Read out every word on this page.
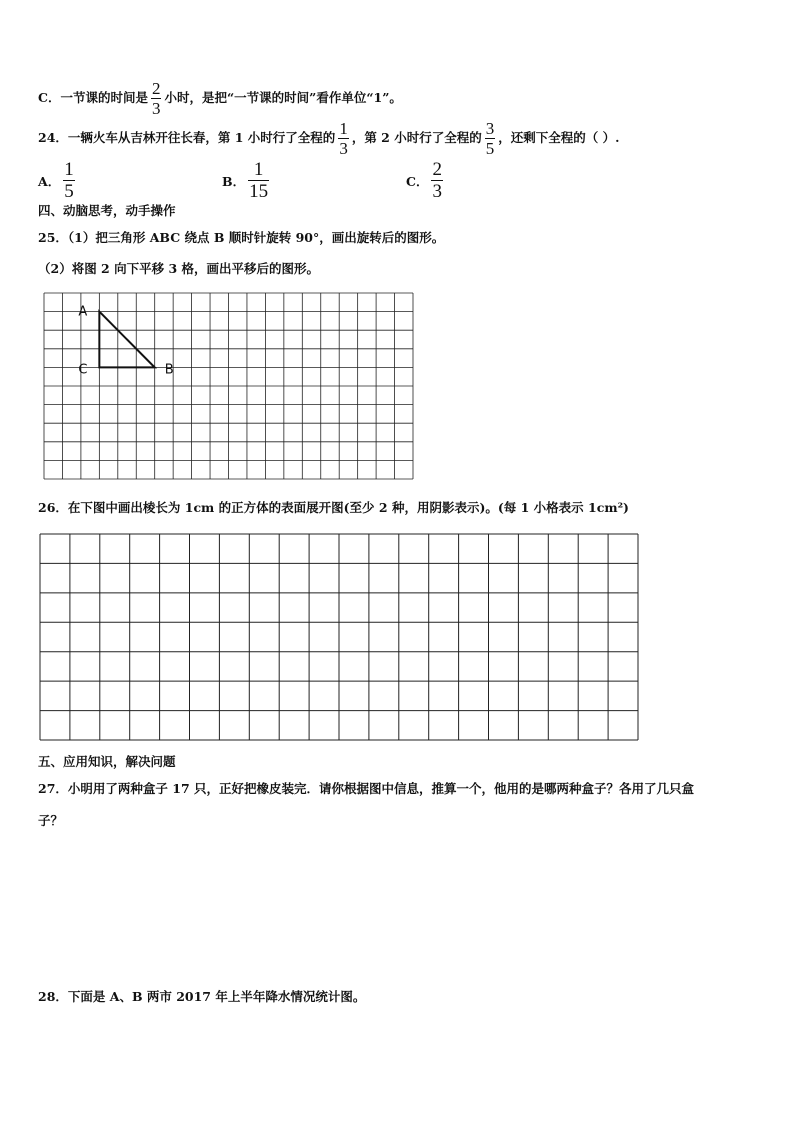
C．一节课的时间是 $\frac{2}{3}$ 小时，是把“一节课的时间”看作单位“1”。
24．一辆火车从吉林开往长春，第 1 小时行了全程的 $\frac{1}{3}$ ，第 2 小时行了全程的 $\frac{3}{5}$ ，还剩下全程的（ ）.
A． $\frac{1}{5}$	B． $\frac{1}{15}$	C． $\frac{2}{3}$
四、动脑思考，动手操作
25．（1）把三角形 ABC 绕点 B 顺时针旋转 90°，画出旋转后的图形。
（2）将图 2 向下平移 3 格，画出平移后的图形。
A
C	B
26．在下图中画出棱长为 1cm 的正方体的表面展开图(至少 2 种，用阴影表示)。(每 1 小格表示 1cm²)
五、应用知识，解决问题
27．小明用了两种盒子 17 只，正好把橡皮装完．请你根据图中信息，推算一个，他用的是哪两种盒子？各用了几只盒
子？
28．下面是 A、B 两市 2017 年上半年降水情况统计图。
